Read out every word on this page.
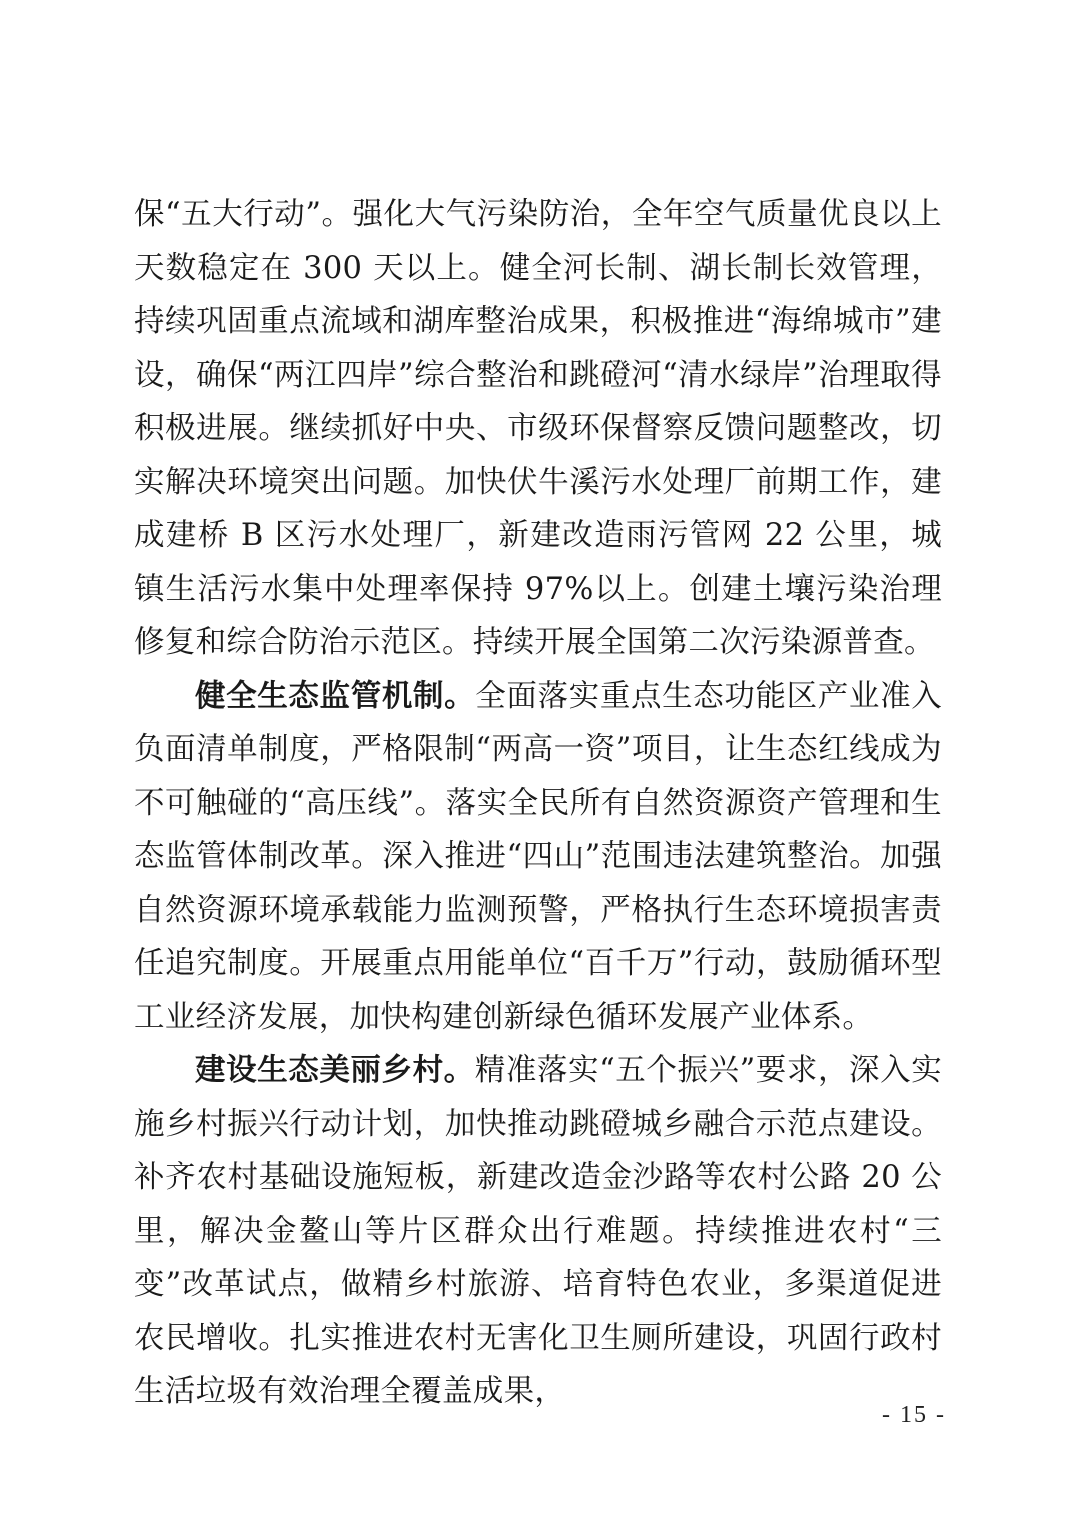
保“五大行动”。强化大气污染防治，全年空气质量优良以上天数稳定在 300 天以上。健全河长制、湖长制长效管理，持续巩固重点流域和湖库整治成果，积极推进“海绵城市”建设，确保“两江四岸”综合整治和跳磴河“清水绿岸”治理取得积极进展。继续抓好中央、市级环保督察反馈问题整改，切实解决环境突出问题。加快伏牛溪污水处理厂前期工作，建成建桥 B 区污水处理厂，新建改造雨污管网 22 公里，城镇生活污水集中处理率保持 97%以上。创建土壤污染治理修复和综合防治示范区。持续开展全国第二次污染源普查。

健全生态监管机制。全面落实重点生态功能区产业准入负面清单制度，严格限制“两高一资”项目，让生态红线成为不可触碰的“高压线”。落实全民所有自然资源资产管理和生态监管体制改革。深入推进“四山”范围违法建筑整治。加强自然资源环境承载能力监测预警，严格执行生态环境损害责任追究制度。开展重点用能单位“百千万”行动，鼓励循环型工业经济发展，加快构建创新绿色循环发展产业体系。

建设生态美丽乡村。精准落实“五个振兴”要求，深入实施乡村振兴行动计划，加快推动跳磴城乡融合示范点建设。补齐农村基础设施短板，新建改造金沙路等农村公路 20 公里，解决金鳌山等片区群众出行难题。持续推进农村“三变”改革试点，做精乡村旅游、培育特色农业，多渠道促进农民增收。扎实推进农村无害化卫生厕所建设，巩固行政村生活垃圾有效治理全覆盖成果，

- 15 -
